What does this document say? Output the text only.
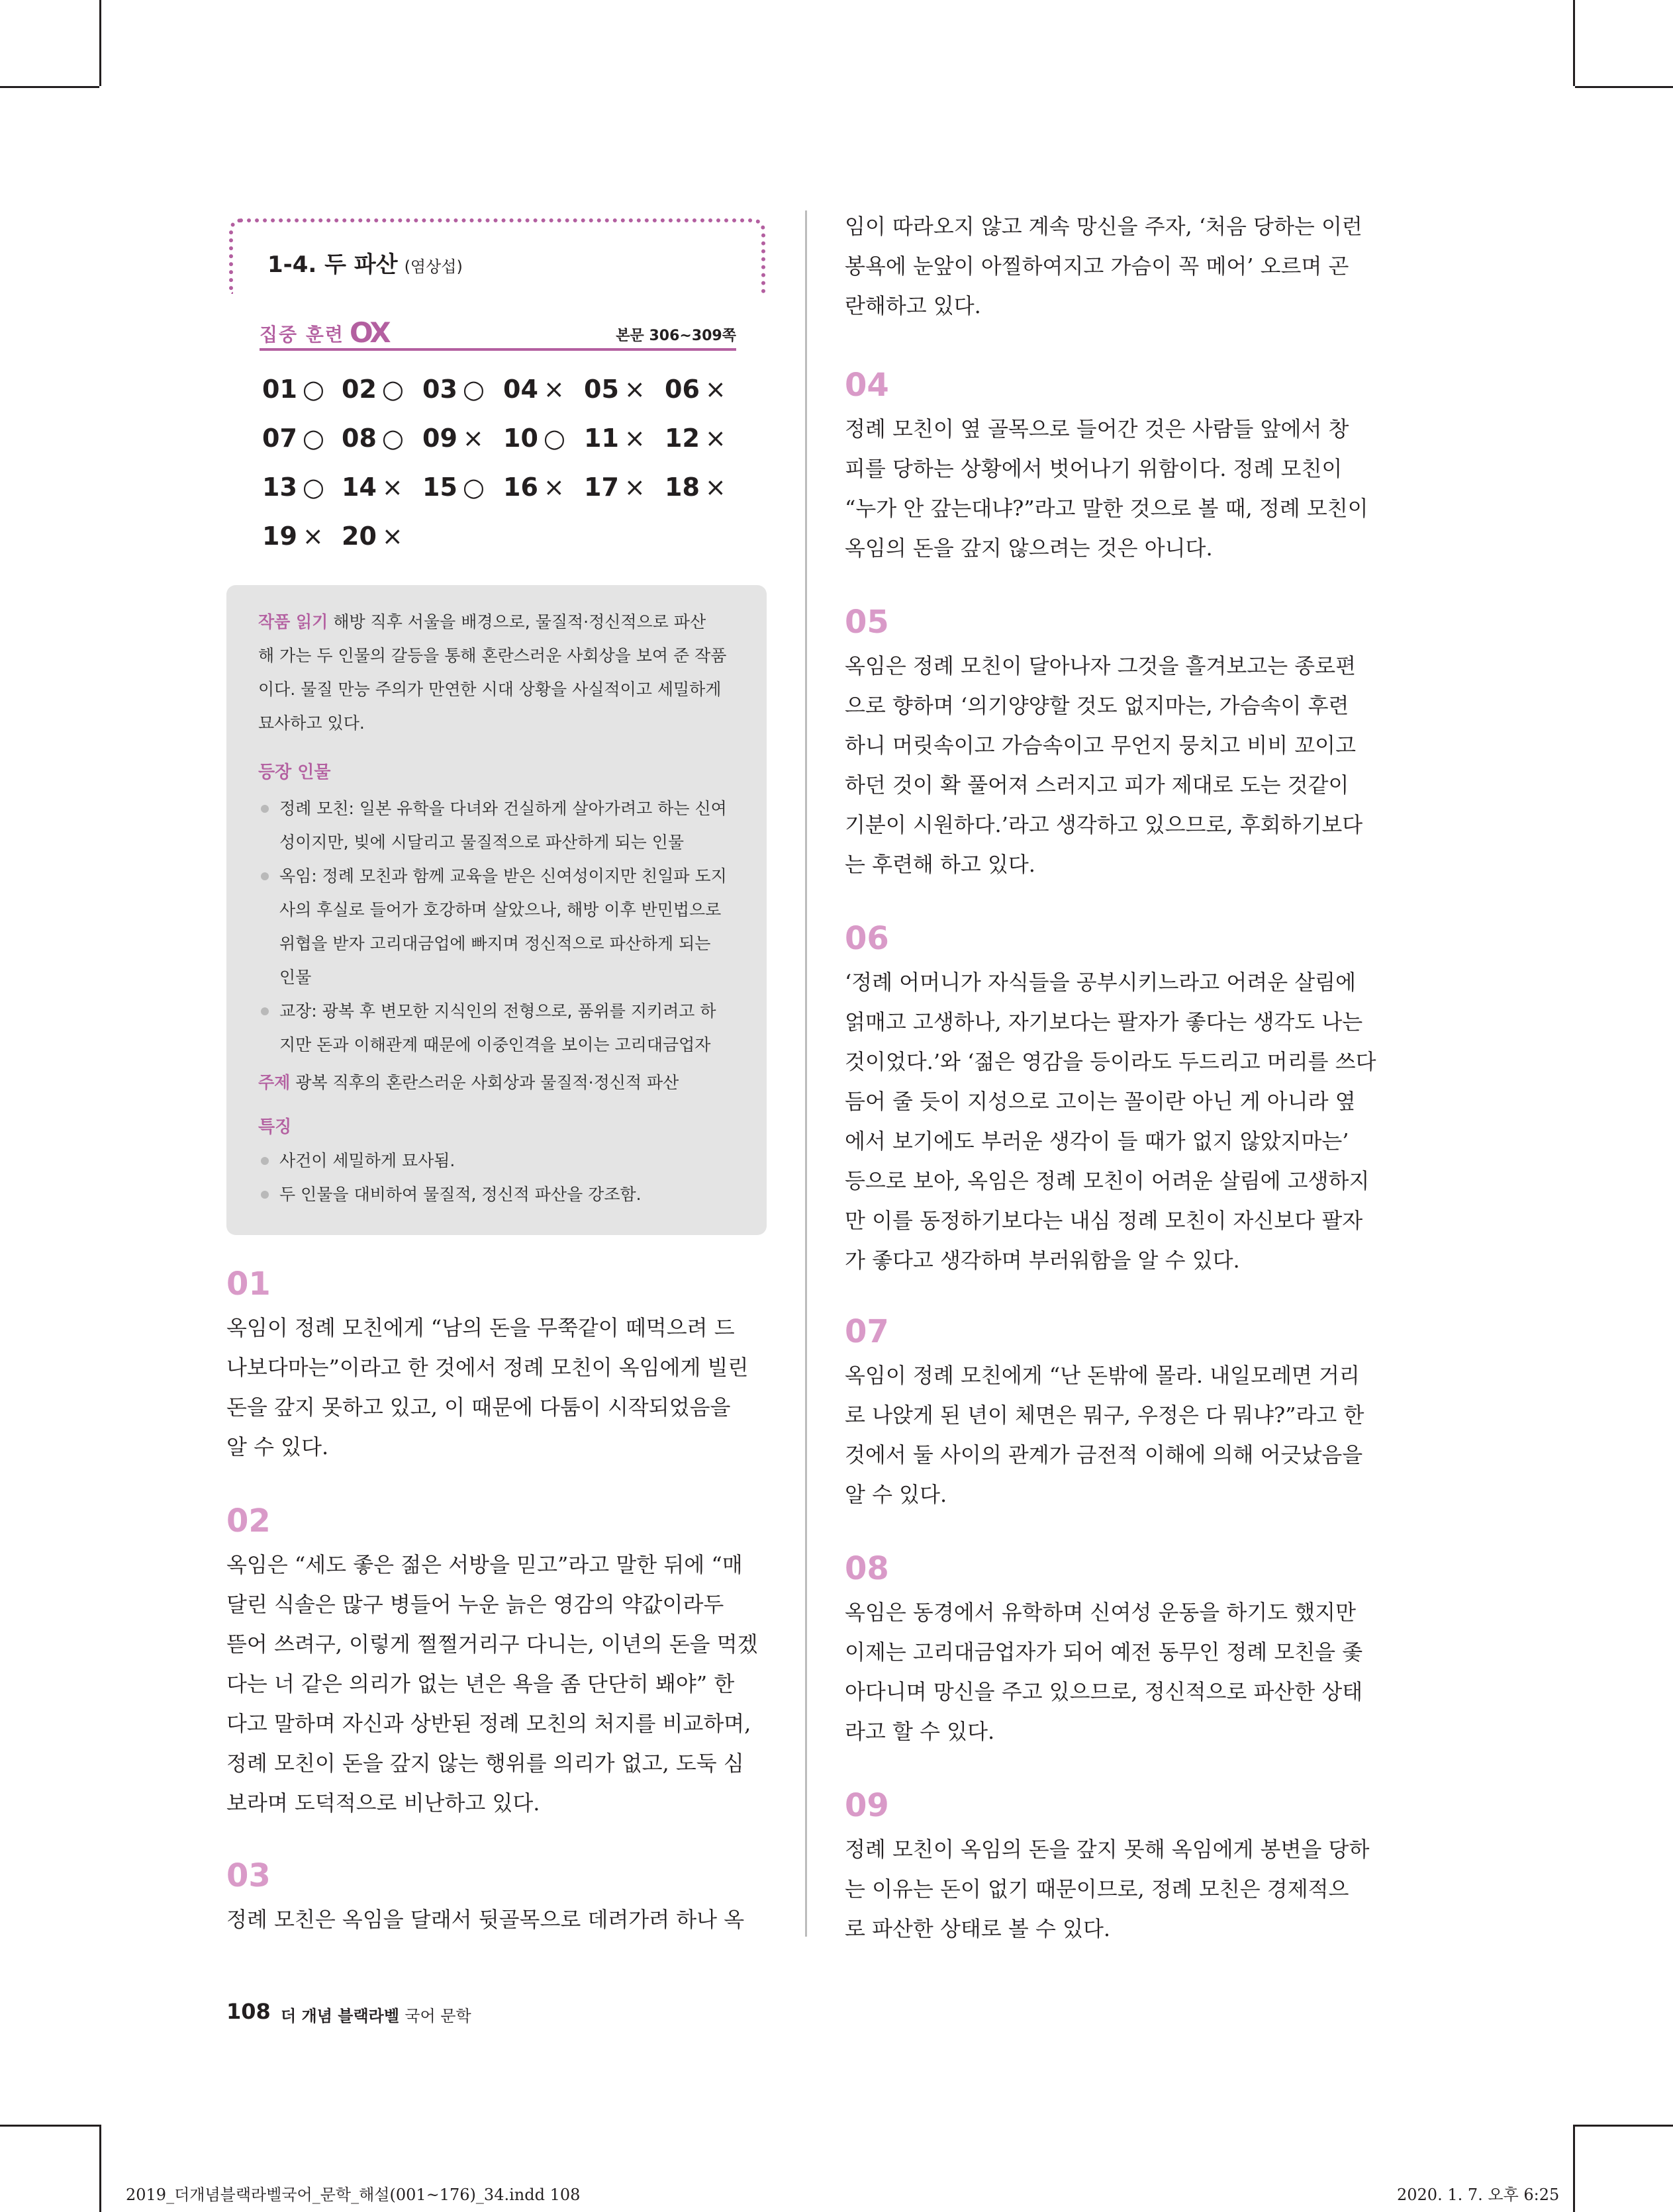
1-4. 두 파산 (염상섭)
집중 훈련 OX	본문 306~309쪽
01 ○ 02 ○ 03 ○ 04 × 05 × 06 ×
07 ○ 08 ○ 09 × 10 ○ 11 × 12 ×
13 ○ 14 × 15 ○ 16 × 17 × 18 ×
19 × 20 ×
작품 읽기 해방 직후 서울을 배경으로, 물질적·정신적으로 파산
해 가는 두 인물의 갈등을 통해 혼란스러운 사회상을 보여 준 작품
이다. 물질 만능 주의가 만연한 시대 상황을 사실적이고 세밀하게
묘사하고 있다.
등장 인물
정례 모친: 일본 유학을 다녀와 건실하게 살아가려고 하는 신여
성이지만, 빚에 시달리고 물질적으로 파산하게 되는 인물
옥임: 정례 모친과 함께 교육을 받은 신여성이지만 친일파 도지
사의 후실로 들어가 호강하며 살았으나, 해방 이후 반민법으로
위협을 받자 고리대금업에 빠지며 정신적으로 파산하게 되는
인물
교장: 광복 후 변모한 지식인의 전형으로, 품위를 지키려고 하
지만 돈과 이해관계 때문에 이중인격을 보이는 고리대금업자
주제 광복 직후의 혼란스러운 사회상과 물질적·정신적 파산
특징
사건이 세밀하게 묘사됨.
두 인물을 대비하여 물질적, 정신적 파산을 강조함.
01
옥임이 정례 모친에게 “남의 돈을 무쭉같이 떼먹으려 드
나보다마는”이라고 한 것에서 정례 모친이 옥임에게 빌린
돈을 갚지 못하고 있고, 이 때문에 다툼이 시작되었음을
알 수 있다.
02
옥임은 “세도 좋은 젊은 서방을 믿고”라고 말한 뒤에 “매
달린 식솔은 많구 병들어 누운 늙은 영감의 약값이라두
뜯어 쓰려구, 이렇게 쩔쩔거리구 다니는, 이년의 돈을 먹겠
다는 너 같은 의리가 없는 년은 욕을 좀 단단히 봬야” 한
다고 말하며 자신과 상반된 정례 모친의 처지를 비교하며,
정례 모친이 돈을 갚지 않는 행위를 의리가 없고, 도둑 심
보라며 도덕적으로 비난하고 있다.
03
정례 모친은 옥임을 달래서 뒷골목으로 데려가려 하나 옥
임이 따라오지 않고 계속 망신을 주자, ‘처음 당하는 이런
봉욕에 눈앞이 아찔하여지고 가슴이 꼭 메어’ 오르며 곤
란해하고 있다.
04
정례 모친이 옆 골목으로 들어간 것은 사람들 앞에서 창
피를 당하는 상황에서 벗어나기 위함이다. 정례 모친이
“누가 안 갚는대냐?”라고 말한 것으로 볼 때, 정례 모친이
옥임의 돈을 갚지 않으려는 것은 아니다.
05
옥임은 정례 모친이 달아나자 그것을 흘겨보고는 종로편
으로 향하며 ‘의기양양할 것도 없지마는, 가슴속이 후련
하니 머릿속이고 가슴속이고 무언지 뭉치고 비비 꼬이고
하던 것이 확 풀어져 스러지고 피가 제대로 도는 것같이
기분이 시원하다.’라고 생각하고 있으므로, 후회하기보다
는 후련해 하고 있다.
06
‘정례 어머니가 자식들을 공부시키느라고 어려운 살림에
얽매고 고생하나, 자기보다는 팔자가 좋다는 생각도 나는
것이었다.’와 ‘젊은 영감을 등이라도 두드리고 머리를 쓰다
듬어 줄 듯이 지성으로 고이는 꼴이란 아닌 게 아니라 옆
에서 보기에도 부러운 생각이 들 때가 없지 않았지마는’
등으로 보아, 옥임은 정례 모친이 어려운 살림에 고생하지
만 이를 동정하기보다는 내심 정례 모친이 자신보다 팔자
가 좋다고 생각하며 부러워함을 알 수 있다.
07
옥임이 정례 모친에게 “난 돈밖에 몰라. 내일모레면 거리
로 나앉게 된 년이 체면은 뭐구, 우정은 다 뭐냐?”라고 한
것에서 둘 사이의 관계가 금전적 이해에 의해 어긋났음을
알 수 있다.
08
옥임은 동경에서 유학하며 신여성 운동을 하기도 했지만
이제는 고리대금업자가 되어 예전 동무인 정례 모친을 좇
아다니며 망신을 주고 있으므로, 정신적으로 파산한 상태
라고 할 수 있다.
09
정례 모친이 옥임의 돈을 갚지 못해 옥임에게 봉변을 당하
는 이유는 돈이 없기 때문이므로, 정례 모친은 경제적으
로 파산한 상태로 볼 수 있다.
108 더 개념 블랙라벨 국어 문학
2019_더개념블랙라벨국어_문학_해설(001~176)_34.indd 108	2020. 1. 7. 오후 6:25
